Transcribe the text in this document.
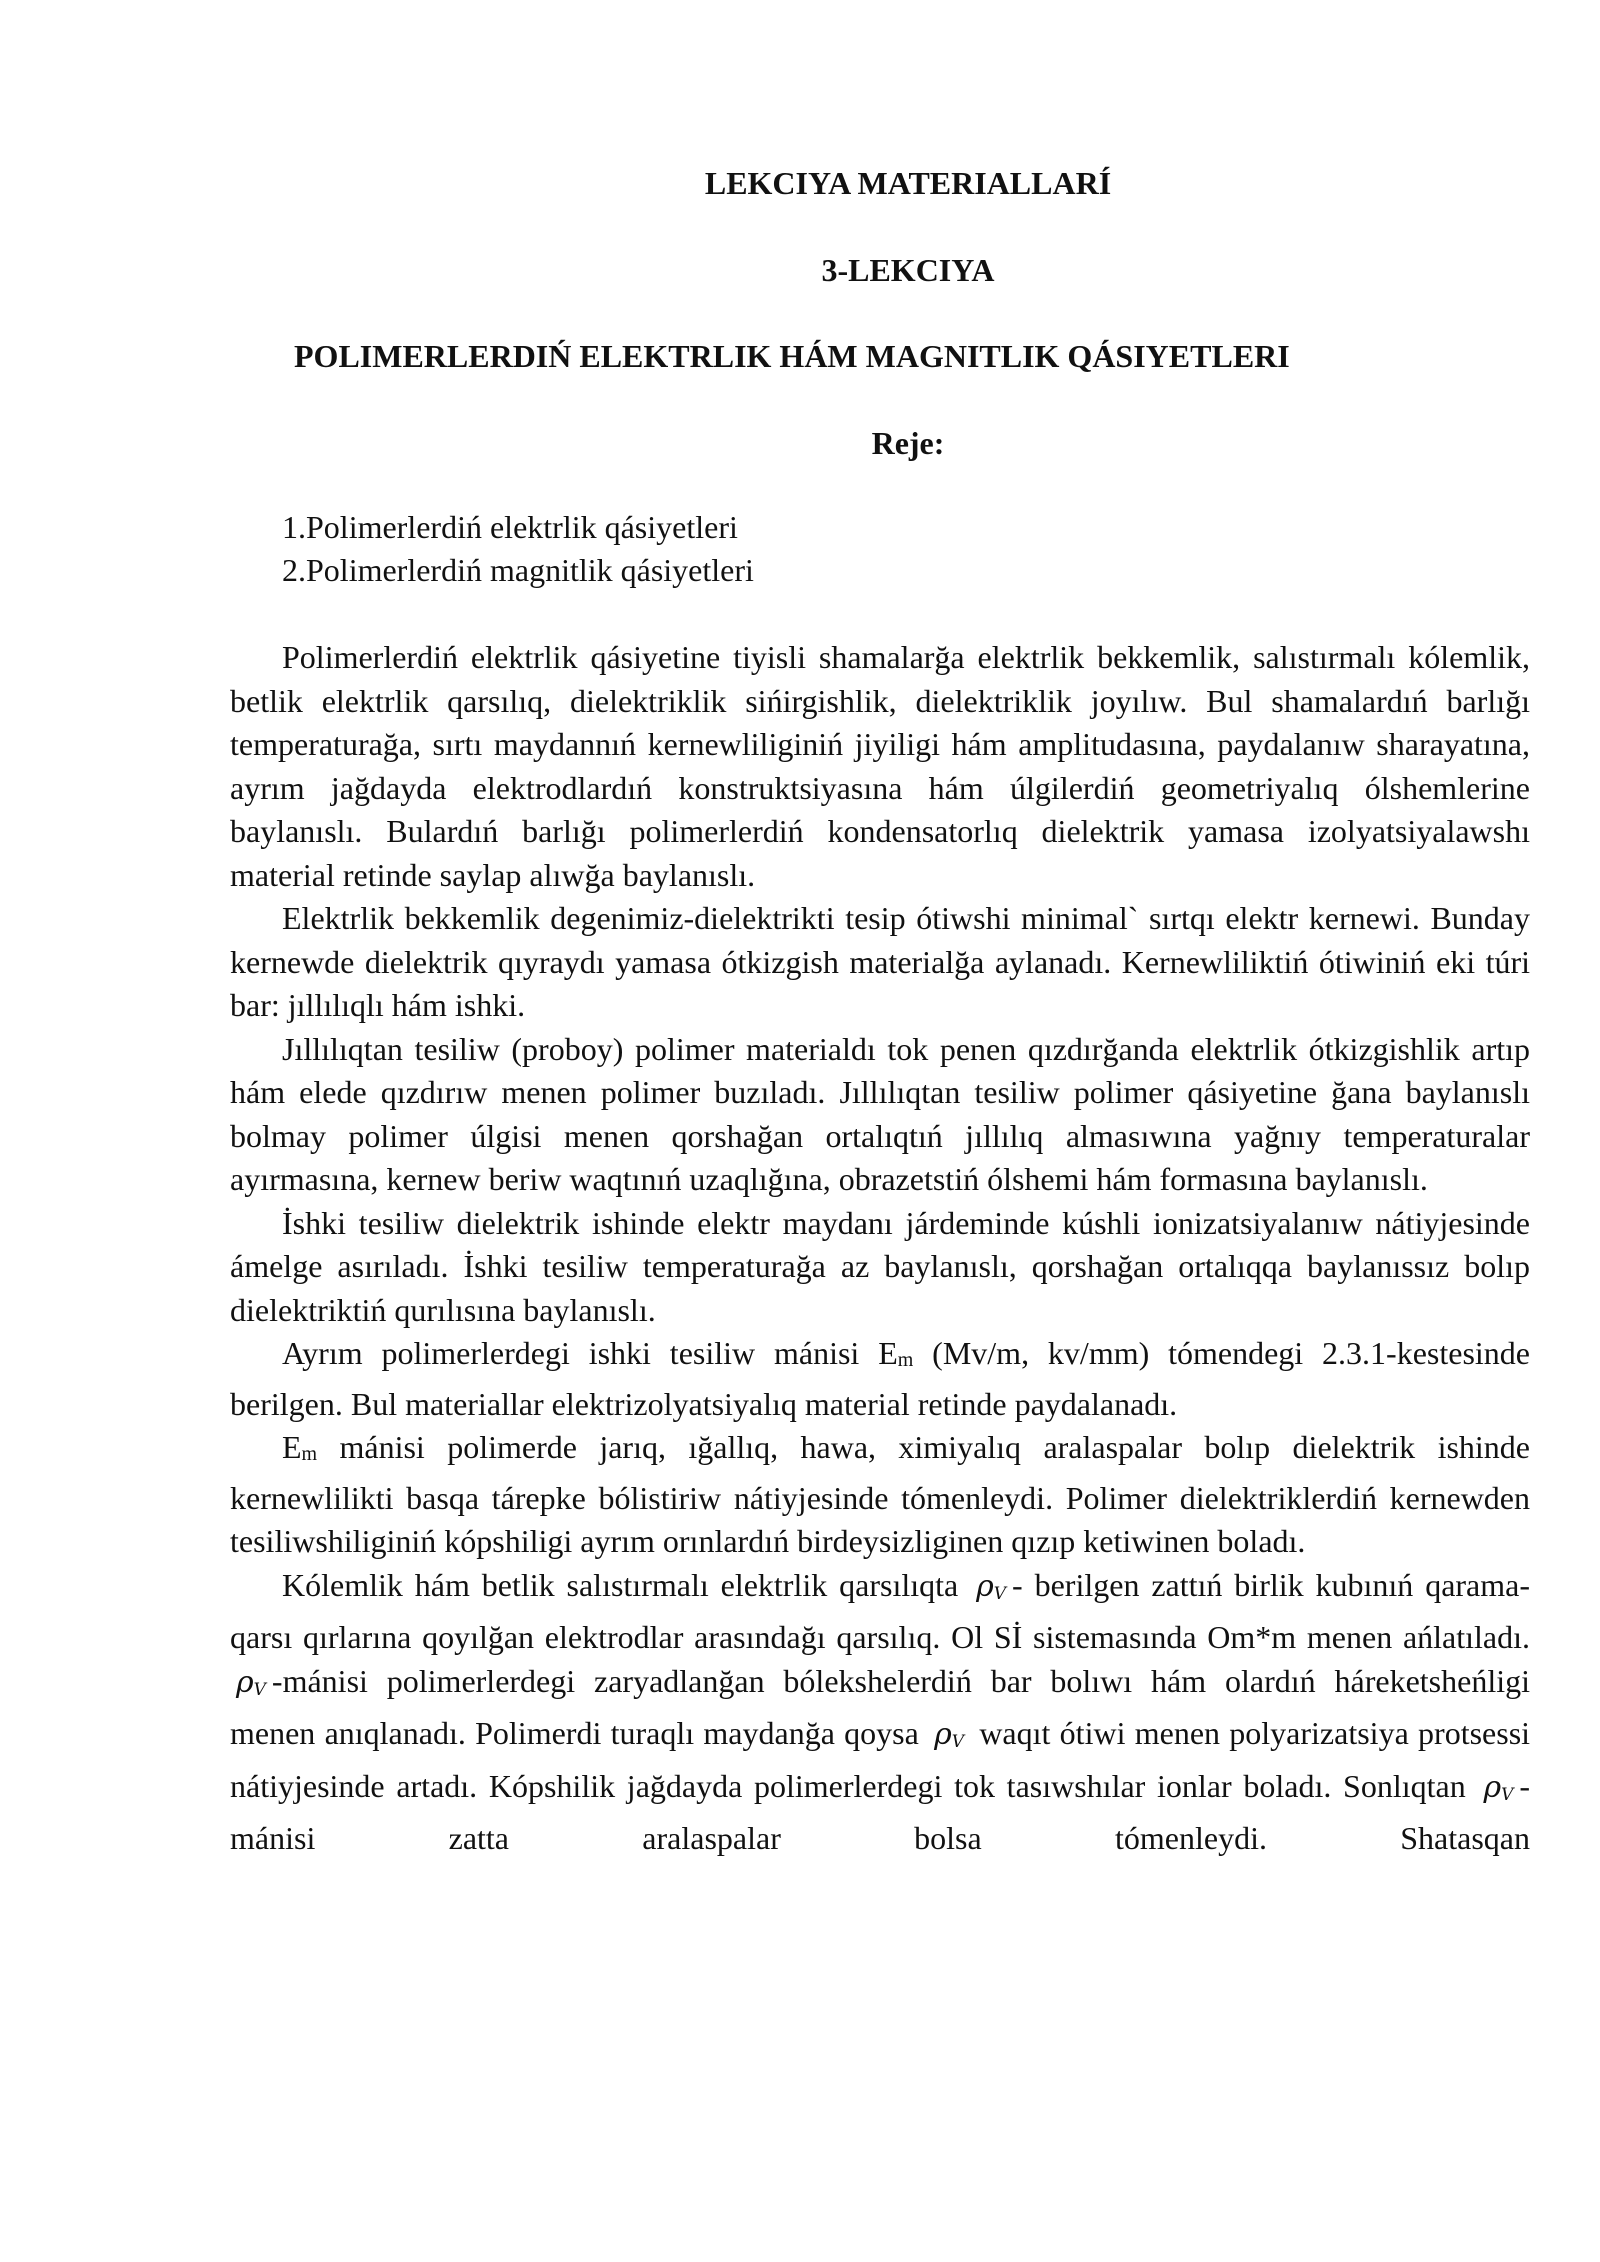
LEKCIYA MATERIALLARÍ
3-LEKCIYA
POLIMERLERDIŃ ELEKTRLIK HÁM MAGNITLIK QÁSIYETLERI
Reje:
1.Polimerlerdiń elektrlik qásiyetleri
2.Polimerlerdiń magnitlik qásiyetleri

Polimerlerdiń elektrlik qásiyetine tiyisli shamalarğa elektrlik bekkemlik, salıstırmalı kólemlik, betlik elektrlik qarsılıq, dielektriklik sińirgishlik, dielektriklik joyılıw. Bul shamalardıń barlığı temperaturağa, sırtı maydannıń kernewliliginiń jiyiligi hám amplitudasına, paydalanıw sharayatına, ayrım jağdayda elektrodlardıń konstruktsiyasına hám úlgilerdiń geometriyalıq ólshemlerine baylanıslı. Bulardıń barlığı polimerlerdiń kondensatorlıq dielektrik yamasa izolyatsiyalawshı material retinde saylap alıwğa baylanıslı.

Elektrlik bekkemlik degenimiz-dielektrikti tesip ótiwshi minimal` sırtqı elektr kernewi. Bunday kernewde dielektrik qıyraydı yamasa ótkizgish materialğa aylanadı. Kernewliliktiń ótiwiniń eki túri bar: jıllılıqlı hám ishki.

Jıllılıqtan tesiliw (proboy) polimer materialdı tok penen qızdırğanda elektrlik ótkizgishlik artıp hám elede qızdırıw menen polimer buzıladı. Jıllılıqtan tesiliw polimer qásiyetine ğana baylanıslı bolmay polimer úlgisi menen qorshağan ortalıqtıń jıllılıq almasıwına yağnıy temperaturalar ayırmasına, kernew beriw waqtınıń uzaqlığına, obrazetstiń ólshemi hám formasına baylanıslı.

İshki tesiliw dielektrik ishinde elektr maydanı járdeminde kúshli ionizatsiyalanıw nátiyjesinde ámelge asırıladı. İshki tesiliw temperaturağa az baylanıslı, qorshağan ortalıqqa baylanıssız bolıp dielektriktiń qurılısına baylanıslı.

Ayrım polimerlerdegi ishki tesiliw mánisi Em (Mv/m, kv/mm) tómendegi 2.3.1-kestesinde berilgen. Bul materiallar elektrizolyatsiyalıq material retinde paydalanadı.

Em mánisi polimerde jarıq, ığallıq, hawa, ximiyalıq aralaspalar bolıp dielektrik ishinde kernewlilikti basqa tárepke bólistiriw nátiyjesinde tómenleydi. Polimer dielektriklerdiń kernewden tesiliwshiliginiń kópshiligi ayrım orınlardıń birdeysizliginen qızıp ketiwinen boladı.

Kólemlik hám betlik salıstırmalı elektrlik qarsılıqta ρV - berilgen zattıń birlik kubınıń qarama-qarsı qırlarına qoyılğan elektrodlar arasındağı qarsılıq. Ol Sİ sistemasında Om*m menen ańlatıladı. ρV -mánisi polimerlerdegi zaryadlanğan bólekshelerdiń bar bolıwı hám olardıń háreketsheńligi menen anıqlanadı. Polimerdi turaqlı maydanğa qoysa ρV waqıt ótiwi menen polyarizatsiya protsessi nátiyjesinde artadı. Kópshilik jağdayda polimerlerdegi tok tasıwshılar ionlar boladı. Sonlıqtan ρV -mánisi zatta aralaspalar bolsa tómenleydi. Shatasqan
